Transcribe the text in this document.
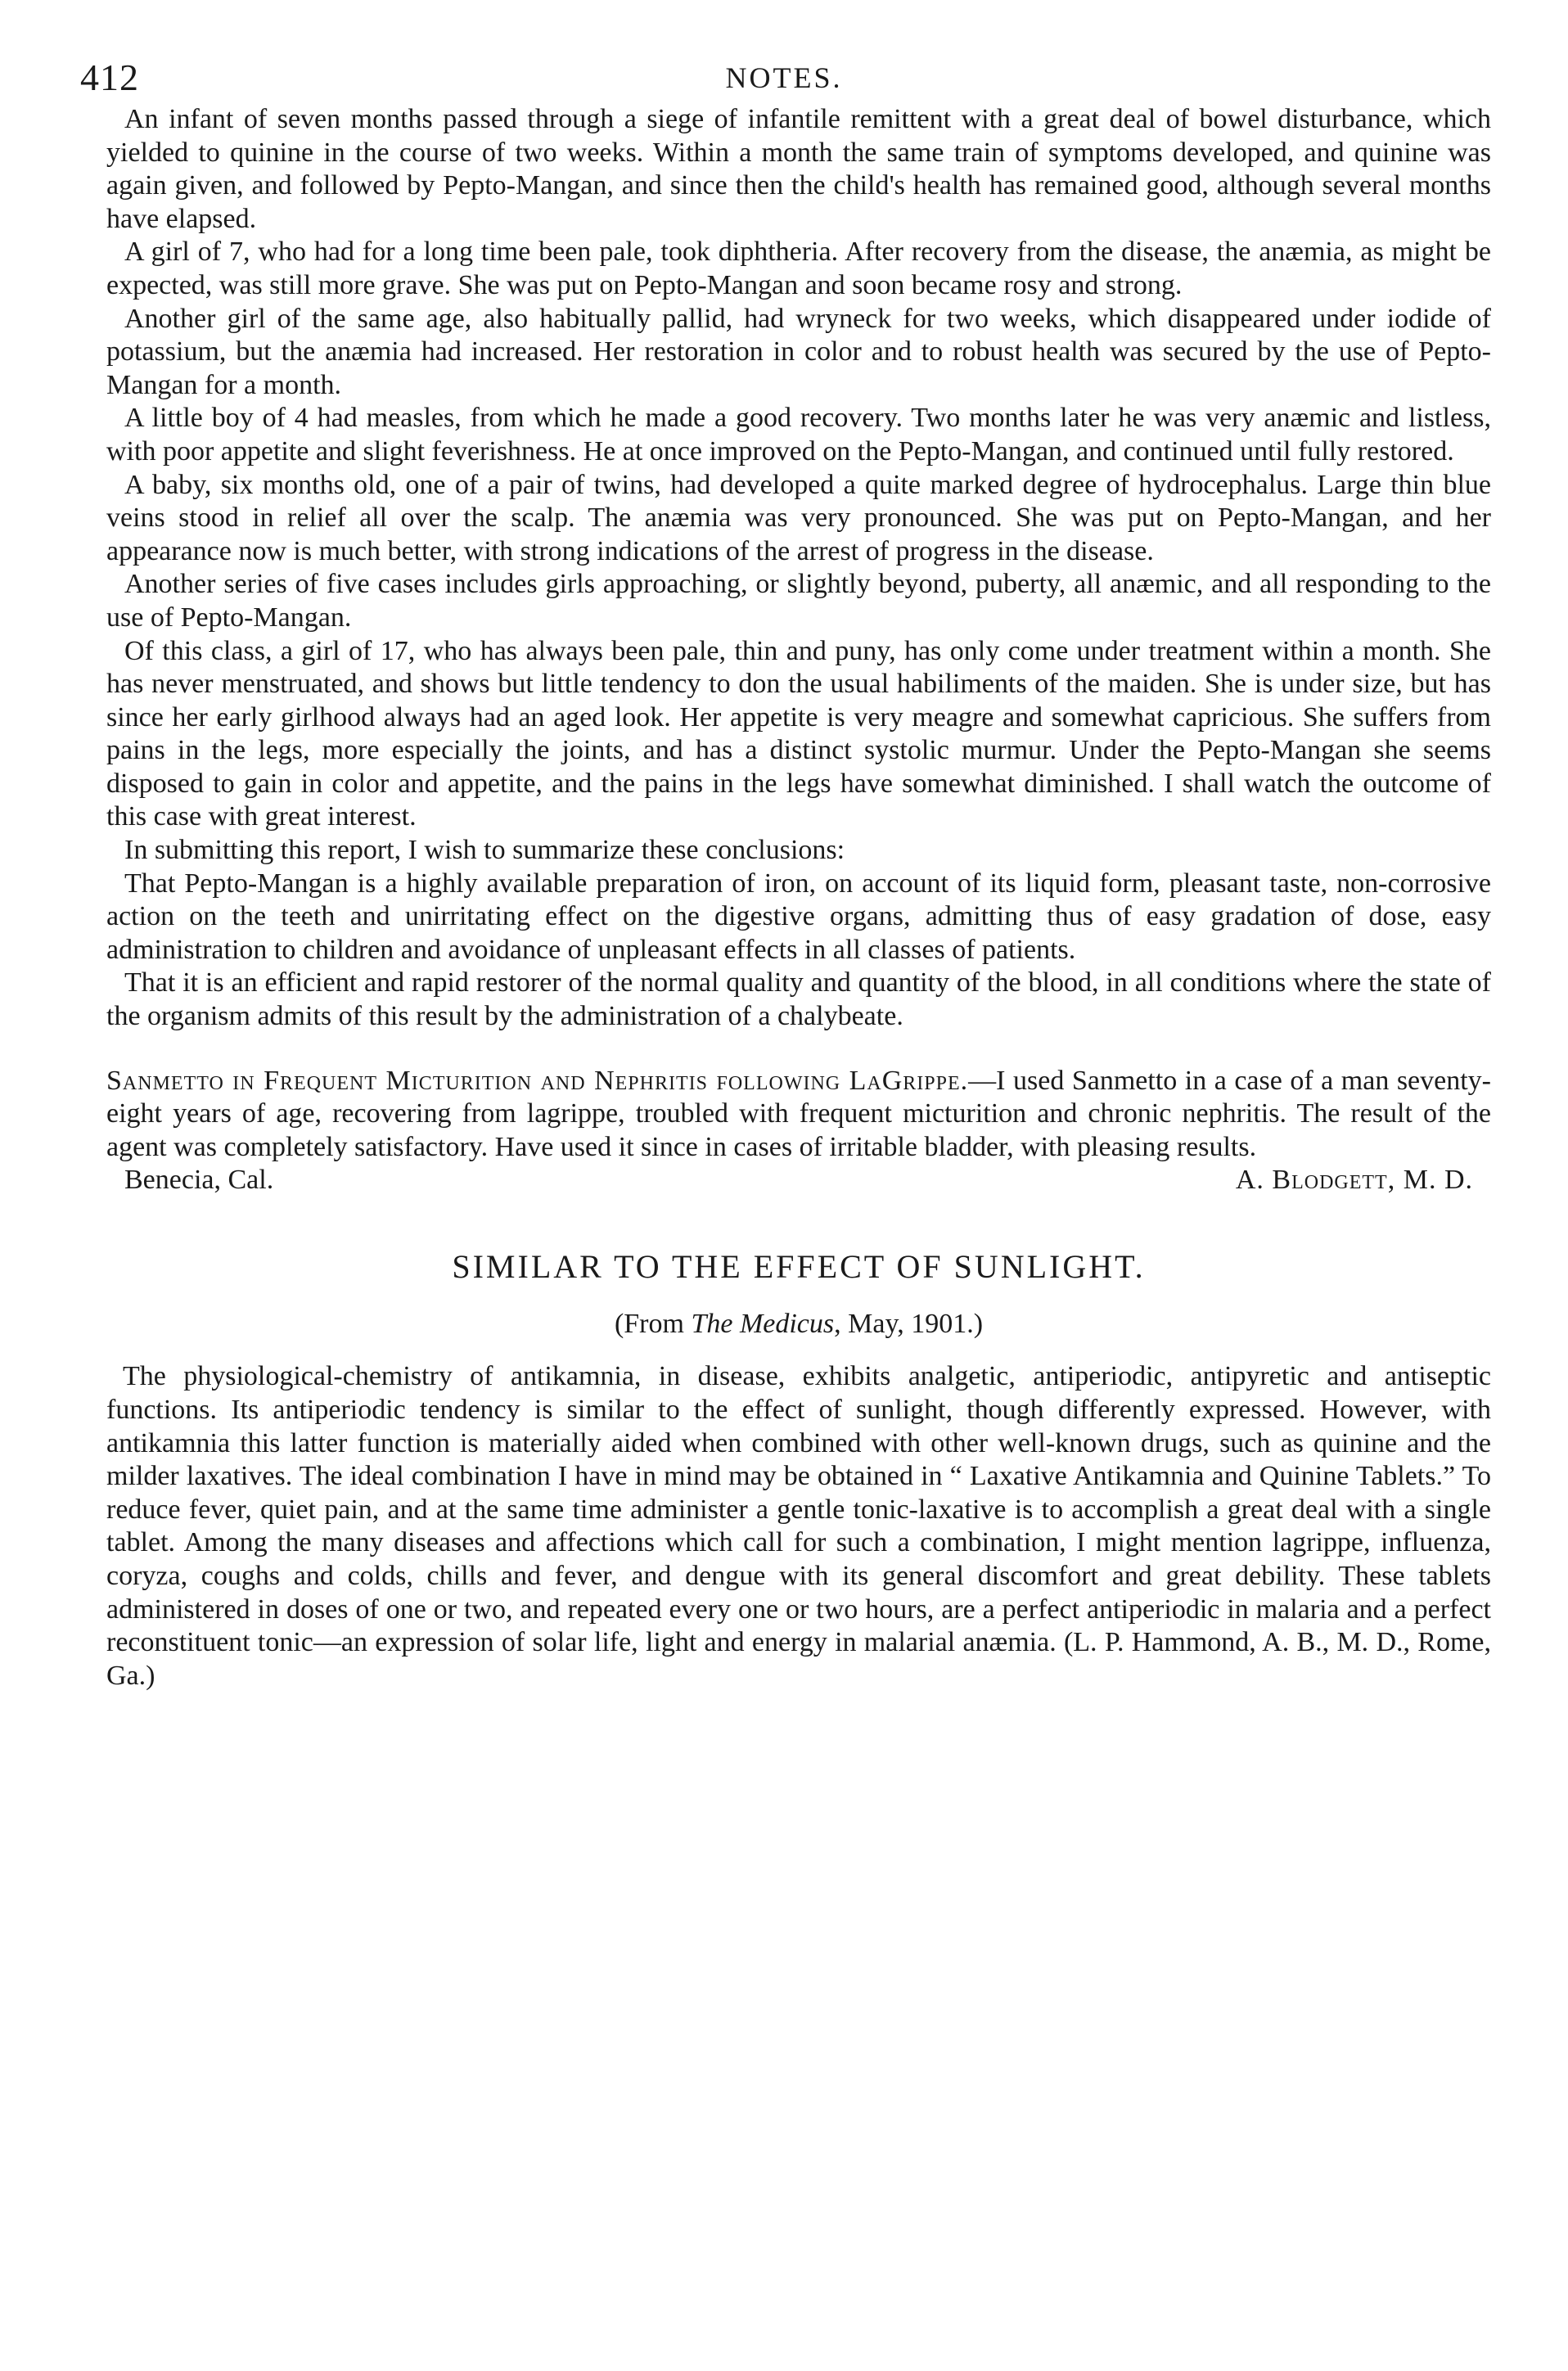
412	NOTES.

An infant of seven months passed through a siege of infantile remittent with a great deal of bowel disturbance, which yielded to quinine in the course of two weeks. Within a month the same train of symptoms developed, and quinine was again given, and followed by Pepto-Mangan, and since then the child's health has remained good, although several months have elapsed.

A girl of 7, who had for a long time been pale, took diphtheria. After recovery from the disease, the anæmia, as might be expected, was still more grave. She was put on Pepto-Mangan and soon became rosy and strong.

Another girl of the same age, also habitually pallid, had wryneck for two weeks, which disappeared under iodide of potassium, but the anæmia had increased. Her restoration in color and to robust health was secured by the use of Pepto-Mangan for a month.

A little boy of 4 had measles, from which he made a good recovery. Two months later he was very anæmic and listless, with poor appetite and slight feverishness. He at once improved on the Pepto-Mangan, and continued until fully restored.

A baby, six months old, one of a pair of twins, had developed a quite marked degree of hydrocephalus. Large thin blue veins stood in relief all over the scalp. The anæmia was very pronounced. She was put on Pepto-Mangan, and her appearance now is much better, with strong indications of the arrest of progress in the disease.

Another series of five cases includes girls approaching, or slightly beyond, puberty, all anæmic, and all responding to the use of Pepto-Mangan.

Of this class, a girl of 17, who has always been pale, thin and puny, has only come under treatment within a month. She has never menstruated, and shows but little tendency to don the usual habiliments of the maiden. She is under size, but has since her early girlhood always had an aged look. Her appetite is very meagre and somewhat capricious. She suffers from pains in the legs, more especially the joints, and has a distinct systolic murmur. Under the Pepto-Mangan she seems disposed to gain in color and appetite, and the pains in the legs have somewhat diminished. I shall watch the outcome of this case with great interest.

In submitting this report, I wish to summarize these conclusions:

That Pepto-Mangan is a highly available preparation of iron, on account of its liquid form, pleasant taste, non-corrosive action on the teeth and unirritating effect on the digestive organs, admitting thus of easy gradation of dose, easy administration to children and avoidance of unpleasant effects in all classes of patients.

That it is an efficient and rapid restorer of the normal quality and quantity of the blood, in all conditions where the state of the organism admits of this result by the administration of a chalybeate.

Sanmetto in Frequent Micturition and Nephritis following LaGrippe.—I used Sanmetto in a case of a man seventy-eight years of age, recovering from lagrippe, troubled with frequent micturition and chronic nephritis. The result of the agent was completely satisfactory. Have used it since in cases of irritable bladder, with pleasing results.

Benecia, Cal.	A. Blodgett, M. D.
SIMILAR TO THE EFFECT OF SUNLIGHT.
(From The Medicus, May, 1901.)

The physiological-chemistry of antikamnia, in disease, exhibits analgetic, antiperiodic, antipyretic and antiseptic functions. Its antiperiodic tendency is similar to the effect of sunlight, though differently expressed. However, with antikamnia this latter function is materially aided when combined with other well-known drugs, such as quinine and the milder laxatives. The ideal combination I have in mind may be obtained in “ Laxative Antikamnia and Quinine Tablets.” To reduce fever, quiet pain, and at the same time administer a gentle tonic-laxative is to accomplish a great deal with a single tablet. Among the many diseases and affections which call for such a combination, I might mention lagrippe, influenza, coryza, coughs and colds, chills and fever, and dengue with its general discomfort and great debility. These tablets administered in doses of one or two, and repeated every one or two hours, are a perfect antiperiodic in malaria and a perfect reconstituent tonic—an expression of solar life, light and energy in malarial anæmia. (L. P. Hammond, A. B., M. D., Rome, Ga.)
